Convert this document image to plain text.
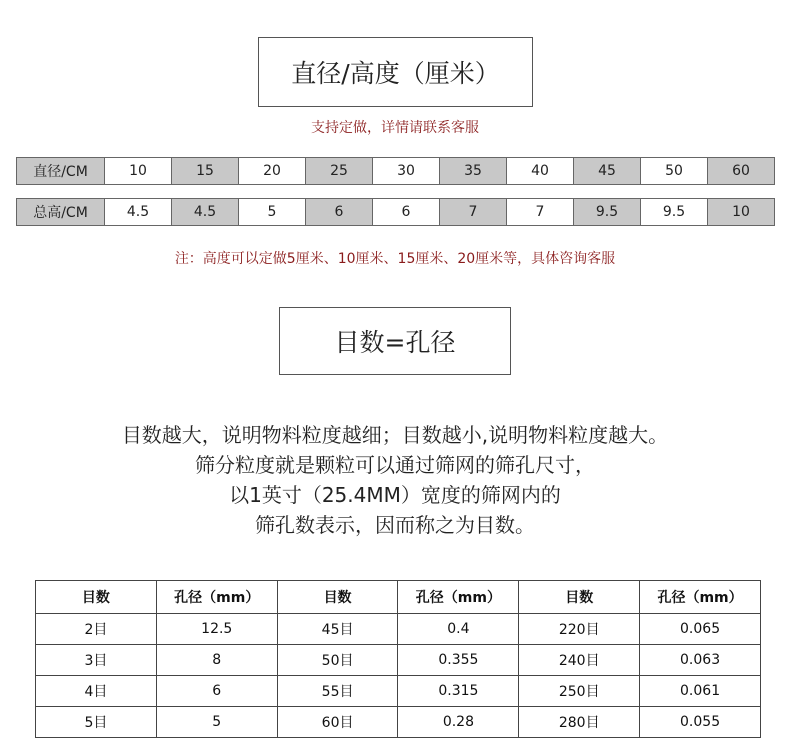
直径/高度（厘米）
支持定做，详情请联系客服
直径/CM	10	15	20	25	30	35	40	45	50	60
总高/CM	4.5	4.5	5	6	6	7	7	9.5	9.5	10
注：高度可以定做5厘米、10厘米、15厘米、20厘米等，具体咨询客服
目数=孔径
目数越大，说明物料粒度越细；目数越小,说明物料粒度越大。
筛分粒度就是颗粒可以通过筛网的筛孔尺寸，
以1英寸（25.4MM）宽度的筛网内的
筛孔数表示，因而称之为目数。
目数	孔径（mm）	目数	孔径（mm）	目数	孔径（mm）
2目	12.5	45目	0.4	220目	0.065
3目	8	50目	0.355	240目	0.063
4目	6	55目	0.315	250目	0.061
5目	5	60目	0.28	280目	0.055
